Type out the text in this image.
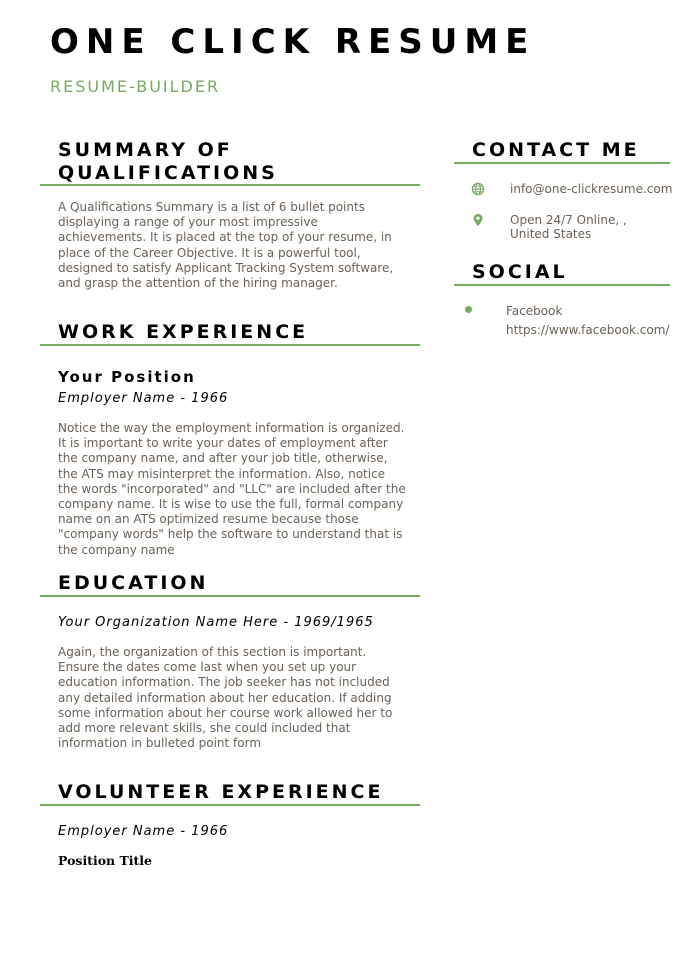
ONE CLICK RESUME
RESUME-BUILDER
SUMMARY OF
QUALIFICATIONS
A Qualifications Summary is a list of 6 bullet points displaying a range of your most impressive achievements. It is placed at the top of your resume, in place of the Career Objective. It is a powerful tool, designed to satisfy Applicant Tracking System software, and grasp the attention of the hiring manager.
WORK EXPERIENCE
Your Position
Employer Name - 1966
Notice the way the employment information is organized. It is important to write your dates of employment after the company name, and after your job title, otherwise, the ATS may misinterpret the information. Also, notice the words "incorporated" and "LLC" are included after the company name. It is wise to use the full, formal company name on an ATS optimized resume because those "company words" help the software to understand that is the company name
EDUCATION
Your Organization Name Here - 1969/1965
Again, the organization of this section is important. Ensure the dates come last when you set up your education information. The job seeker has not included any detailed information about her education. If adding some information about her course work allowed her to add more relevant skills, she could included that information in bulleted point form
VOLUNTEER EXPERIENCE
Employer Name - 1966
Position Title
CONTACT ME
info@one-clickresume.com
Open 24/7 Online, , United States
SOCIAL
Facebook
https://www.facebook.com/
